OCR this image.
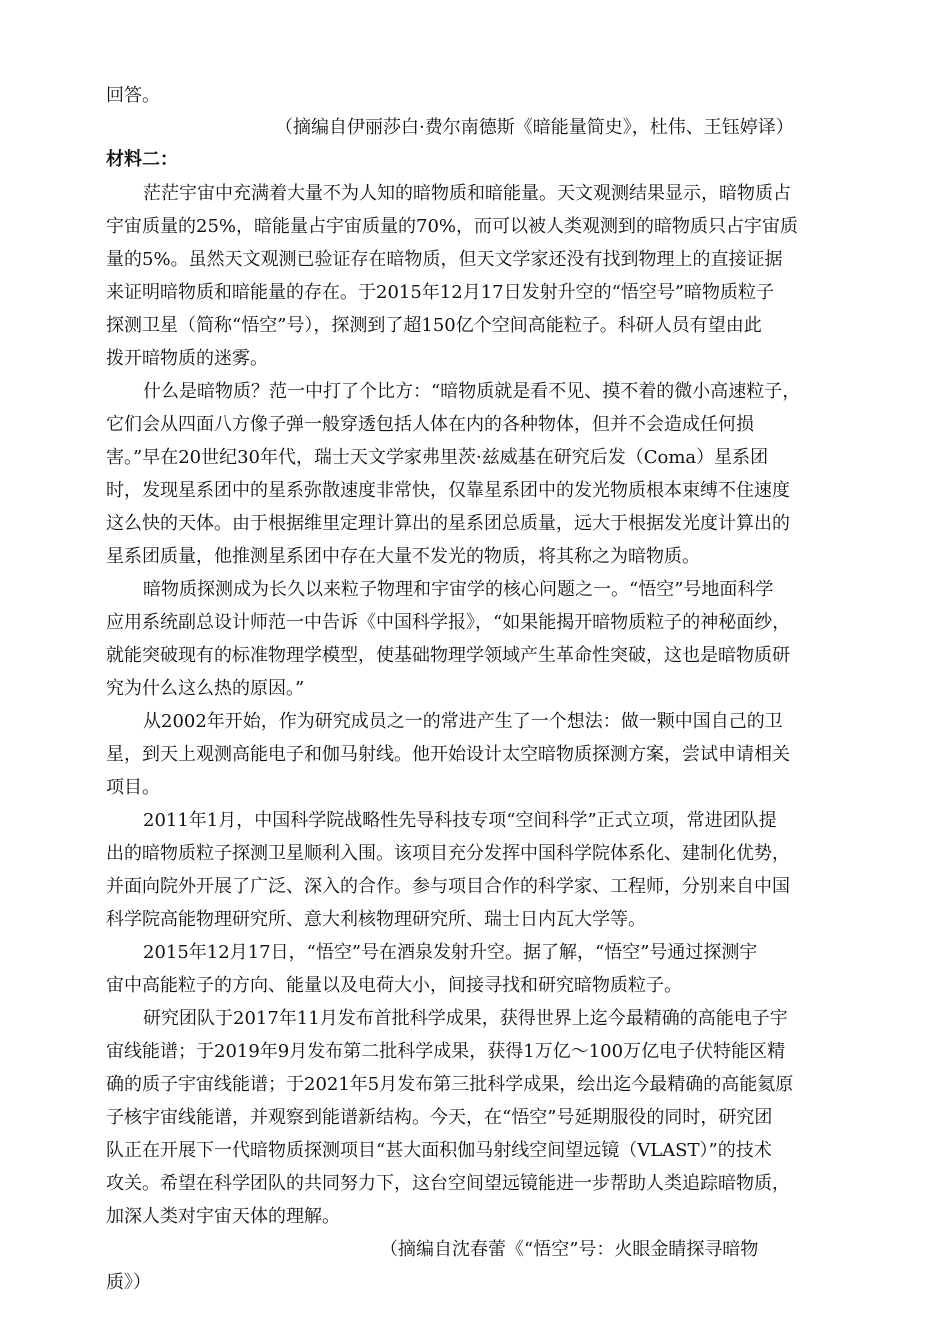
回答。
（摘编自伊丽莎白·费尔南德斯《暗能量简史》，杜伟、王钰婷译）
材料二：
茫茫宇宙中充满着大量不为人知的暗物质和暗能量。天文观测结果显示，暗物质占
宇宙质量的25%，暗能量占宇宙质量的70%，而可以被人类观测到的暗物质只占宇宙质
量的5%。虽然天文观测已验证存在暗物质，但天文学家还没有找到物理上的直接证据
来证明暗物质和暗能量的存在。于2015年12月17日发射升空的“悟空号”暗物质粒子
探测卫星（简称“悟空”号），探测到了超150亿个空间高能粒子。科研人员有望由此
拨开暗物质的迷雾。
什么是暗物质？范一中打了个比方：“暗物质就是看不见、摸不着的微小高速粒子，
它们会从四面八方像子弹一般穿透包括人体在内的各种物体，但并不会造成任何损
害。”早在20世纪30年代，瑞士天文学家弗里茨·兹威基在研究后发（Coma）星系团
时，发现星系团中的星系弥散速度非常快，仅靠星系团中的发光物质根本束缚不住速度
这么快的天体。由于根据维里定理计算出的星系团总质量，远大于根据发光度计算出的
星系团质量，他推测星系团中存在大量不发光的物质，将其称之为暗物质。
暗物质探测成为长久以来粒子物理和宇宙学的核心问题之一。“悟空”号地面科学
应用系统副总设计师范一中告诉《中国科学报》，“如果能揭开暗物质粒子的神秘面纱，
就能突破现有的标准物理学模型，使基础物理学领域产生革命性突破，这也是暗物质研
究为什么这么热的原因。”
从2002年开始，作为研究成员之一的常进产生了一个想法：做一颗中国自己的卫
星，到天上观测高能电子和伽马射线。他开始设计太空暗物质探测方案，尝试申请相关
项目。
2011年1月，中国科学院战略性先导科技专项“空间科学”正式立项，常进团队提
出的暗物质粒子探测卫星顺利入围。该项目充分发挥中国科学院体系化、建制化优势，
并面向院外开展了广泛、深入的合作。参与项目合作的科学家、工程师，分别来自中国
科学院高能物理研究所、意大利核物理研究所、瑞士日内瓦大学等。
2015年12月17日，“悟空”号在酒泉发射升空。据了解，“悟空”号通过探测宇
宙中高能粒子的方向、能量以及电荷大小，间接寻找和研究暗物质粒子。
研究团队于2017年11月发布首批科学成果，获得世界上迄今最精确的高能电子宇
宙线能谱；于2019年9月发布第二批科学成果，获得1万亿～100万亿电子伏特能区精
确的质子宇宙线能谱；于2021年5月发布第三批科学成果，绘出迄今最精确的高能氦原
子核宇宙线能谱，并观察到能谱新结构。今天，在“悟空”号延期服役的同时，研究团
队正在开展下一代暗物质探测项目“甚大面积伽马射线空间望远镜（VLAST）”的技术
攻关。希望在科学团队的共同努力下，这台空间望远镜能进一步帮助人类追踪暗物质，
加深人类对宇宙天体的理解。
（摘编自沈春蕾《“悟空”号：火眼金睛探寻暗物
质》）
